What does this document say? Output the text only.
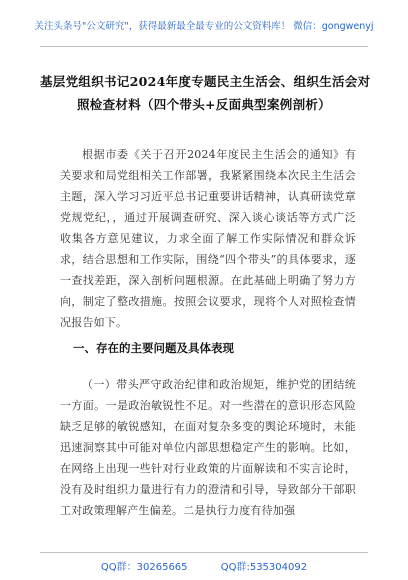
关注头条号"公文研究"，获得最新最全最专业的公文资料库！ 微信：gongwenyj
基层党组织书记2024年度专题民主生活会、组织生活会对
照检查材料（四个带头+反面典型案例剖析）

根据市委《关于召开2024年度民主生活会的通知》有关要求和局党组相关工作部署，我紧紧围绕本次民主生活会主题，深入学习习近平总书记重要讲话精神，认真研读党章党规党纪，，通过开展调查研究、深入谈心谈话等方式广泛收集各方意见建议，力求全面了解工作实际情况和群众诉求，结合思想和工作实际，围绕“四个带头”的具体要求，逐一查找差距，深入剖析问题根源。在此基础上明确了努力方向，制定了整改措施。按照会议要求，现将个人对照检查情况报告如下。

一、存在的主要问题及具体表现

（一）带头严守政治纪律和政治规矩，维护党的团结统一方面。一是政治敏锐性不足。对一些潜在的意识形态风险缺乏足够的敏锐感知，在面对复杂多变的舆论环境时，未能迅速洞察其中可能对单位内部思想稳定产生的影响。比如，在网络上出现一些针对行业政策的片面解读和不实言论时，没有及时组织力量进行有力的澄清和引导，导致部分干部职工对政策理解产生偏差。二是执行力度有待加强

QQ群：30265665	QQ群:535304092
